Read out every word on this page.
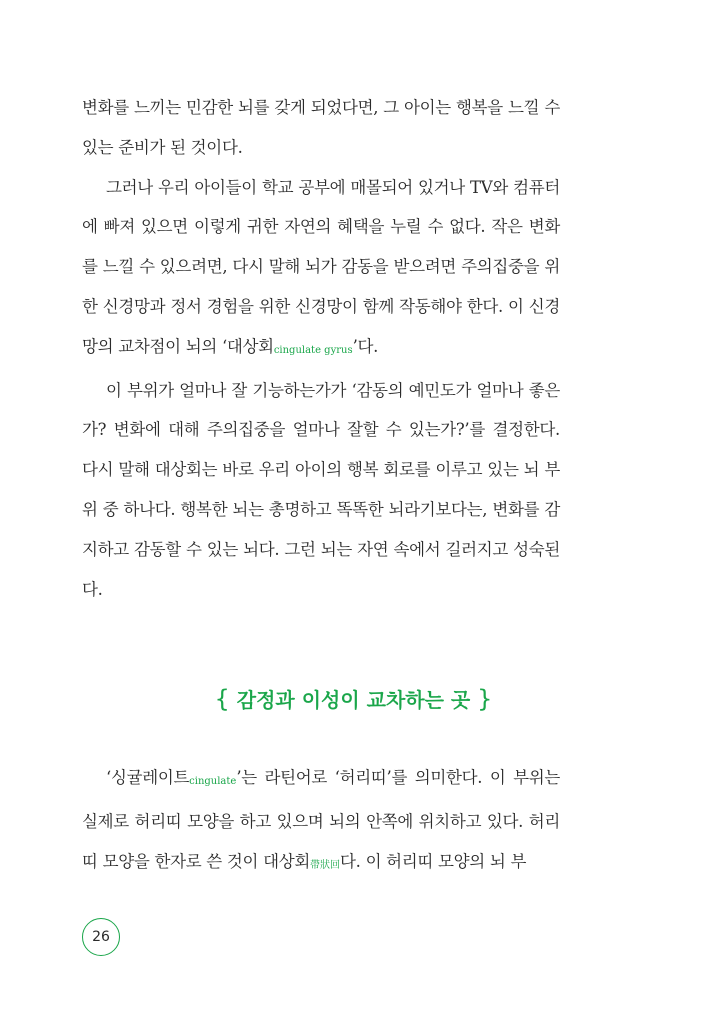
변화를 느끼는 민감한 뇌를 갖게 되었다면, 그 아이는 행복을 느낄 수 있는 준비가 된 것이다.

그러나 우리 아이들이 학교 공부에 매몰되어 있거나 TV와 컴퓨터에 빠져 있으면 이렇게 귀한 자연의 혜택을 누릴 수 없다. 작은 변화를 느낄 수 있으려면, 다시 말해 뇌가 감동을 받으려면 주의집중을 위한 신경망과 정서 경험을 위한 신경망이 함께 작동해야 한다. 이 신경망의 교차점이 뇌의 ‘대상회cingulate gyrus’다.

이 부위가 얼마나 잘 기능하는가가 ‘감동의 예민도가 얼마나 좋은가? 변화에 대해 주의집중을 얼마나 잘할 수 있는가?’를 결정한다. 다시 말해 대상회는 바로 우리 아이의 행복 회로를 이루고 있는 뇌 부위 중 하나다. 행복한 뇌는 총명하고 똑똑한 뇌라기보다는, 변화를 감지하고 감동할 수 있는 뇌다. 그런 뇌는 자연 속에서 길러지고 성숙된다.

{ 감정과 이성이 교차하는 곳 }

‘싱귤레이트cingulate’는 라틴어로 ‘허리띠’를 의미한다. 이 부위는 실제로 허리띠 모양을 하고 있으며 뇌의 안쪽에 위치하고 있다. 허리띠 모양을 한자로 쓴 것이 대상회帶狀回다. 이 허리띠 모양의 뇌 부

26
